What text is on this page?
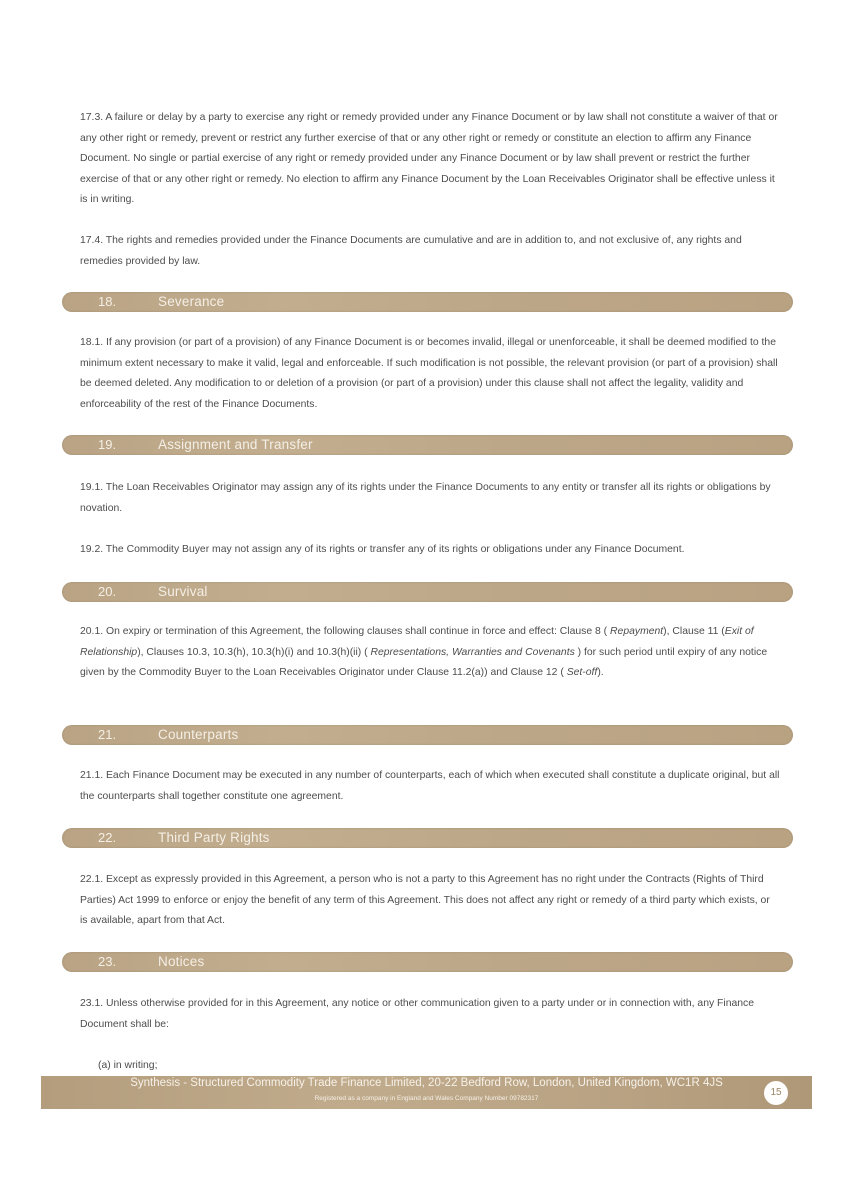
17.3. A failure or delay by a party to exercise any right or remedy provided under any Finance Document or by law shall not constitute a waiver of that or any other right or remedy, prevent or restrict any further exercise of that or any other right or remedy or constitute an election to affirm any Finance Document. No single or partial exercise of any right or remedy provided under any Finance Document or by law shall prevent or restrict the further exercise of that or any other right or remedy. No election to affirm any Finance Document by the Loan Receivables Originator shall be effective unless it is in writing.

17.4. The rights and remedies provided under the Finance Documents are cumulative and are in addition to, and not exclusive of, any rights and remedies provided by law.

18.	Severance

18.1. If any provision (or part of a provision) of any Finance Document is or becomes invalid, illegal or unenforceable, it shall be deemed modified to the minimum extent necessary to make it valid, legal and enforceable. If such modification is not possible, the relevant provision (or part of a provision) shall be deemed deleted. Any modification to or deletion of a provision (or part of a provision) under this clause shall not affect the legality, validity and enforceability of the rest of the Finance Documents.

19.	Assignment and Transfer

19.1. The Loan Receivables Originator may assign any of its rights under the Finance Documents to any entity or transfer all its rights or obligations by novation.

19.2. The Commodity Buyer may not assign any of its rights or transfer any of its rights or obligations under any Finance Document.

20.	Survival

20.1. On expiry or termination of this Agreement, the following clauses shall continue in force and effect: Clause 8 ( Repayment), Clause 11 (Exit of Relationship), Clauses 10.3, 10.3(h), 10.3(h)(i) and 10.3(h)(ii) ( Representations, Warranties and Covenants ) for such period until expiry of any notice given by the Commodity Buyer to the Loan Receivables Originator under Clause 11.2(a)) and Clause 12 ( Set-off).

21.	Counterparts

21.1. Each Finance Document may be executed in any number of counterparts, each of which when executed shall constitute a duplicate original, but all the counterparts shall together constitute one agreement.

22.	Third Party Rights

22.1. Except as expressly provided in this Agreement, a person who is not a party to this Agreement has no right under the Contracts (Rights of Third Parties) Act 1999 to enforce or enjoy the benefit of any term of this Agreement. This does not affect any right or remedy of a third party which exists, or is available, apart from that Act.

23.	Notices

23.1. Unless otherwise provided for in this Agreement, any notice or other communication given to a party under or in connection with, any Finance Document shall be:

(a) in writing;

Synthesis - Structured Commodity Trade Finance Limited, 20-22 Bedford Row, London, United Kingdom, WC1R 4JS
Registered as a company in England and Wales Company Number 09782317
15
